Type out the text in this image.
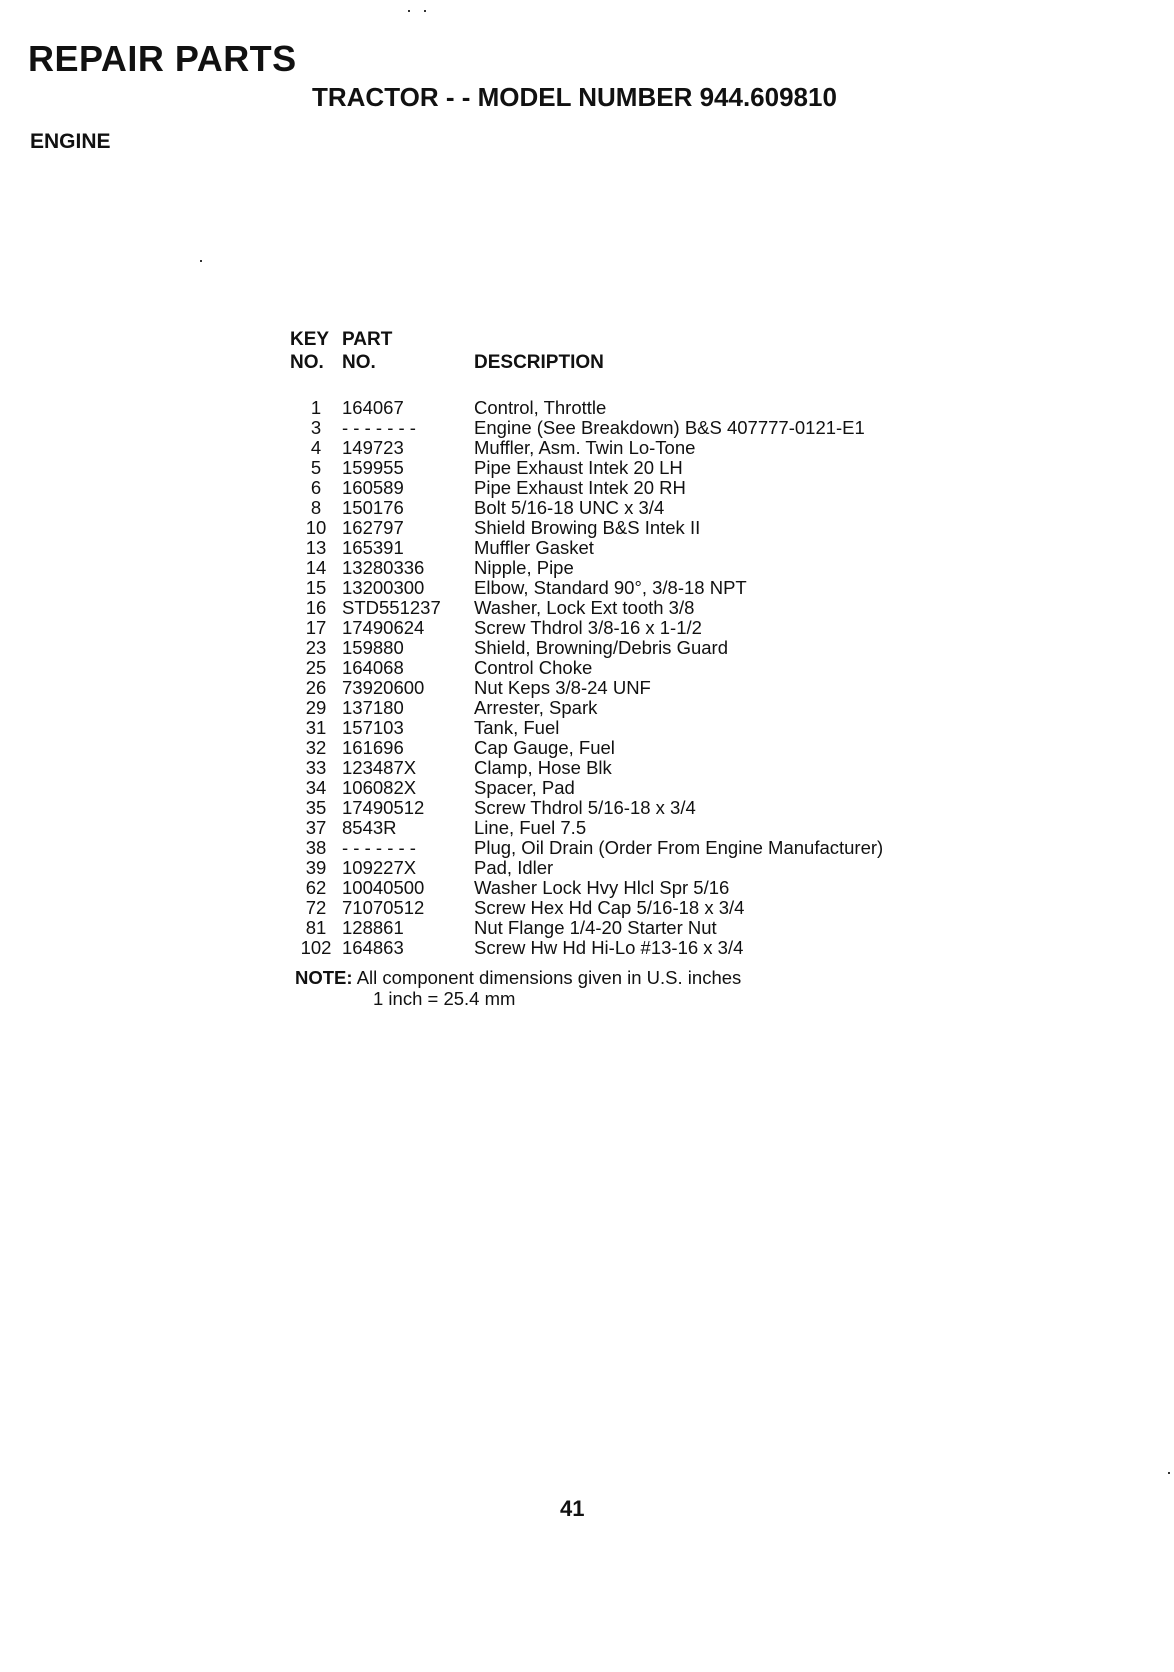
REPAIR PARTS
TRACTOR - - MODEL NUMBER 944.609810
ENGINE
KEY	PART	
NO.	NO.	DESCRIPTION

1	164067	Control, Throttle
3	- - - - - - -	Engine (See Breakdown) B&S 407777-0121-E1
4	149723	Muffler, Asm. Twin Lo-Tone
5	159955	Pipe Exhaust Intek 20 LH
6	160589	Pipe Exhaust Intek 20 RH
8	150176	Bolt 5/16-18 UNC x 3/4
10	162797	Shield Browing B&S Intek II
13	165391	Muffler Gasket
14	13280336	Nipple, Pipe
15	13200300	Elbow, Standard 90°, 3/8-18 NPT
16	STD551237	Washer, Lock Ext tooth 3/8
17	17490624	Screw Thdrol 3/8-16 x 1-1/2
23	159880	Shield, Browning/Debris Guard
25	164068	Control Choke
26	73920600	Nut Keps 3/8-24 UNF
29	137180	Arrester, Spark
31	157103	Tank, Fuel
32	161696	Cap Gauge, Fuel
33	123487X	Clamp, Hose Blk
34	106082X	Spacer, Pad
35	17490512	Screw Thdrol 5/16-18 x 3/4
37	8543R	Line, Fuel 7.5
38	- - - - - - -	Plug, Oil Drain (Order From Engine Manufacturer)
39	109227X	Pad, Idler
62	10040500	Washer Lock Hvy Hlcl Spr 5/16
72	71070512	Screw Hex Hd Cap 5/16-18 x 3/4
81	128861	Nut Flange 1/4-20 Starter Nut
102	164863	Screw Hw Hd Hi-Lo #13-16 x 3/4
NOTE: All component dimensions given in U.S. inches
1 inch = 25.4 mm
41
